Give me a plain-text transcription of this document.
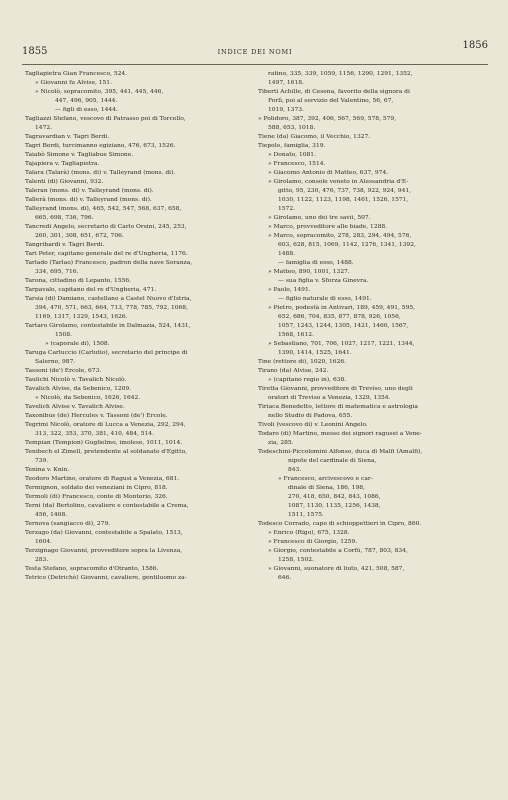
1855	INDICE DEI NOMI
1856

Tagliapietra Gian Francesco, 524.

» Giovanni fu Alvise, 151.

» Nicolò, sopracomito, 395, 441, 445, 446,

447, 496, 905, 1444.

— figli di esso, 1444.

Tagliazzi Stefano, vescovo di Patrasso poi di Torcello,

1472.

Tagravardian v. Tagri Berdi.

Tagri Berdi, turcimanno egiziano, 476, 673, 1526.

Taiabò Simone v. Tagliabue Simone.

Tajapiera v. Tagliapietra.

Talara (Talarà) (mons. di) v. Talleyrand (mons. di).

Talenti (di) Giovanni, 932.

Taleran (mons. di) v. Talleyrand (mons. di).

Tallerà (mons. di) v. Talleyrand (mons. di).

Talleyrand (mons. di), 465, 542, 547, 568, 637, 658,

665, 698, 736, 796.

Tancredi Angelo, secretario di Carlo Orsini, 245, 253,

260, 301, 308, 651, 672, 706.

Tangribardi v. Tagri Berdi.

Tari Peter, capitano generale del re d'Ungheria, 1176.

Tarlado (Tarlao) Francesco, padron della nave Soranza,

334, 695, 716.

Tarona, cittadino di Lepanto, 1556.

Tarpavalo, capitano del re d'Ungheria, 471.

Tarsia (di) Damiano, castellano a Castel Nuovo d'Istria,

394, 470, 571, 663, 664, 713, 778, 785, 792, 1068,

1169, 1317, 1329, 1543, 1626.

Tartaro Girolamo, contestabile in Dalmazia, 524, 1431,

1508.

» (caporale di), 1508.

Taruga Carluccio (Carlutio), secretario del principe di

Salerno, 987.

Tassoni (de') Ercole, 673.

Taulichi Nicolò v. Tavalich Nicolò.

Tavalich Alvise, da Sebenico, 1209.

» Nicolò, da Sebenico, 1626, 1642.

Tavelich Alvise v. Tavalich Alvise.

Taxonibus (de) Hercules v. Tassoni (de') Ercole.

Tegrimi Nicolò, oratore di Lucca a Venezia, 292, 294,

313, 322, 353, 370, 381, 410, 484, 514.

Tempian (Tempion) Guglielmo, imolese, 1011, 1014.

Tenibech el Zimell, pretendente al soldanato d'Egitto,

739.

Tenina v. Knin.

Teodoro Martino, oratore di Ragusi a Venezia, 681.

Termignon, soldato dei veneziani in Cipro, 818.

Termoli (di) Francesco, conte di Montorio, 326.

Terni (da) Bertolino, cavaliere e contestabile a Crema,

456, 1408.

Ternova (sangiacco di), 279.

Terzago (da) Giovanni, contestabile a Spalato, 1513,

1604.

Terzignago Giovanni, provveditore sopra la Livenza,

283.

Testa Stefano, sopracomito d'Otranto, 1586.

Tetrico (Detrichò) Giovanni, cavaliere, gentiluomo za-

ratino, 335, 339, 1059, 1156, 1290, 1291, 1352,

1497, 1618.

Tiberti Achille, di Cesena, favorito della signora di

Forlì, poi al servizio del Valentino, 56, 67,

1019, 1373.

» Polidoro, 387, 392, 406, 567, 569, 578, 579,

588, 653, 1018.

Tiene (da) Giacomo, il Vecchio, 1327.

Tiepolo, famiglia, 319.

» Donato, 1081.

» Francesco, 1514.

» Giacomo Antonio di Matteo, 637, 974.

» Girolamo, console veneto in Alessandria d'E-

gitto, 95, 230, 476, 737, 738, 922, 924, 941,

1030, 1122, 1123, 1198, 1461, 1526, 1571,

1572.

» Girolamo, uno dei tre savii, 507.

» Marco, provveditore alle biade, 1288.

» Marco, sopracomito, 278, 283, 294, 494, 576,

603, 628, 815, 1069, 1142, 1276, 1341, 1392,

1488.

— famiglia di esso, 1488.

» Matteo, 890, 1001, 1327.

— sua figlia v. Sforza Ginevra.

» Paolo, 1491.

— figlio naturale di esso, 1491.

» Pietro, podestà in Antivari, 189, 459, 491, 595,

652, 686, 704, 835, 877, 878, 926, 1056,

1057, 1243, 1244, 1305, 1421, 1460, 1567,

1568, 1612.

» Sebastiano, 701, 706, 1027, 1217, 1221, 1344,

1390, 1414, 1525, 1641.

Tine (rettore di), 1020, 1626.

Tirano (da) Alvise, 242.

» (capitano regio in), 638.

Tiretta Giovanni, provveditore di Treviso, uno degli

oratori di Treviso a Venezia, 1329, 1354.

Tiriaca Benedetto, lettore di matematica e astrologia

nello Studio di Padova, 655.

Tivoli (vescovo di) v. Leonini Angelo.

Todaro (di) Martino, messo dei signori ragusei a Vene-

zia, 285.

Todeschini-Piccolomini Alfonso, duca di Malfi (Amalfi),

nipote del cardinale di Siena,

843.

» Francesco, arcivescovo e car-

dinale di Siena, 186, 198,

270, 418, 650, 842, 843, 1086,

1087, 1130, 1135, 1256, 1438,

1511, 1575.

Todesco Corrado, capo di schioppettieri in Cipro, 860.

» Enrico (Rigo), 675, 1328.

» Francesco di Giorgio, 1259.

» Giorgio, contestabile a Corfù, 787, 803, 834,

1258, 1502.

» Giovanni, suonatore di liuto, 421, 508, 587,

646.
